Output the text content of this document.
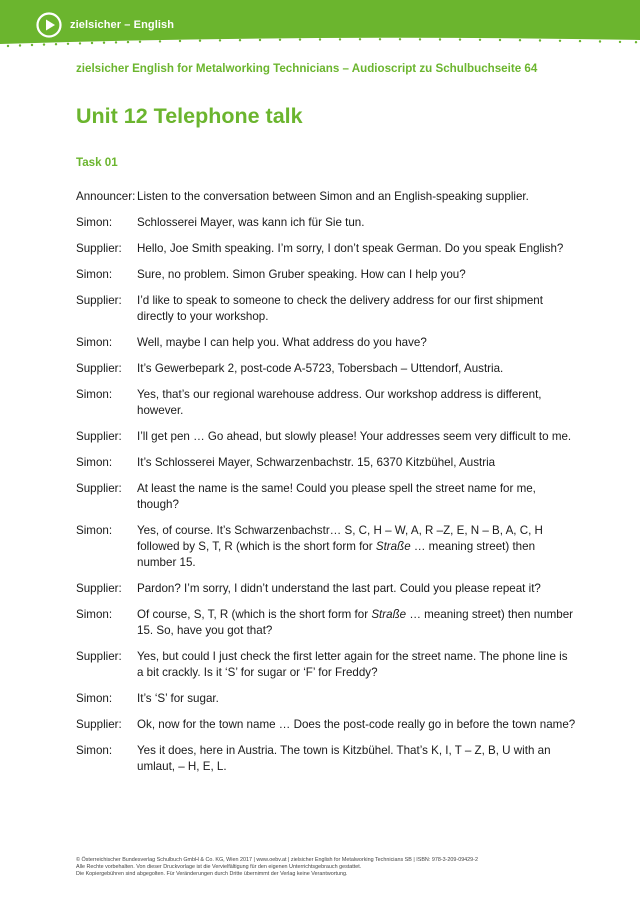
zielsicher – English
zielsicher English for Metalworking Technicians – Audioscript zu Schulbuchseite 64
Unit 12 Telephone talk
Task 01
Announcer: Listen to the conversation between Simon and an English-speaking supplier.
Simon:	Schlosserei Mayer, was kann ich für Sie tun.
Supplier:	Hello, Joe Smith speaking. I’m sorry, I don’t speak German. Do you speak English?
Simon:	Sure, no problem. Simon Gruber speaking. How can I help you?
Supplier:	I’d like to speak to someone to check the delivery address for our first shipment directly to your workshop.
Simon:	Well, maybe I can help you. What address do you have?
Supplier:	It’s Gewerbepark 2, post-code A-5723, Tobersbach – Uttendorf, Austria.
Simon:	Yes, that’s our regional warehouse address. Our workshop address is different, however.
Supplier:	I’ll get pen … Go ahead, but slowly please! Your addresses seem very difficult to me.
Simon:	It’s Schlosserei Mayer, Schwarzenbachstr. 15, 6370 Kitzbühel, Austria
Supplier:	At least the name is the same! Could you please spell the street name for me, though?
Simon:	Yes, of course. It’s Schwarzenbachstr… S, C, H – W, A, R –Z, E, N – B, A, C, H followed by S, T, R (which is the short form for Straße … meaning street) then number 15.
Supplier:	Pardon? I’m sorry, I didn’t understand the last part. Could you please repeat it?
Simon:	Of course, S, T, R (which is the short form for Straße … meaning street) then number 15. So, have you got that?
Supplier:	Yes, but could I just check the first letter again for the street name. The phone line is a bit crackly. Is it ‘S’ for sugar or ‘F’ for Freddy?
Simon:	It’s ‘S’ for sugar.
Supplier:	Ok, now for the town name … Does the post-code really go in before the town name?
Simon:	Yes it does, here in Austria. The town is Kitzbühel. That’s K, I, T – Z, B, U with an umlaut, – H, E, L.
© Österreichischer Bundesverlag Schulbuch GmbH & Co. KG, Wien 2017 | www.oebv.at | zielsicher English for Metalworking Technicians SB | ISBN: 978-3-209-09429-2
Alle Rechte vorbehalten. Von dieser Druckvorlage ist die Vervielfältigung für den eigenen Unterrichtsgebrauch gestattet.
Die Kopiergebühren sind abgegolten. Für Veränderungen durch Dritte übernimmt der Verlag keine Verantwortung.
